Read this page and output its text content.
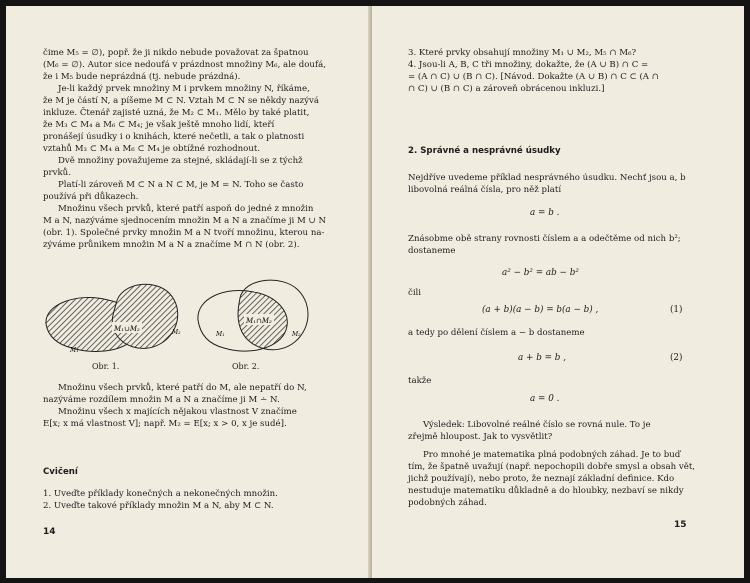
čime M₅ = ∅), popř. že ji nikdo nebude považovat za špatnou
(M₆ = ∅). Autor sice nedoufá v prázdnost množiny M₆, ale doufá,
že i M₅ bude neprázdná (tj. nebude prázdná).
Je-li každý prvek množiny M i prvkem množiny N, říkáme,
že M je částí N, a píšeme M ⊂ N. Vztah M ⊂ N se někdy nazývá
inkluze. Čtenář zajisté uzná, že M₂ ⊂ M₁. Mělo by také platit,
že M₃ ⊂ M₄ a M₆ ⊂ M₄; je však ještě mnoho lidí, kteří
pronášejí úsudky i o knihách, které nečetli, a tak o platnosti
vztahů M₃ ⊂ M₄ a M₆ ⊂ M₄ je obtížné rozhodnout.
Dvě množiny považujeme za stejné, skládají-li se z týchž
prvků.
Platí-li zároveň M ⊂ N a N ⊂ M, je M = N. Toho se často
používá při důkazech.
Množinu všech prvků, které patří aspoň do jedné z množin
M a N, nazýváme sjednocením množin M a N a značíme ji M ∪ N
(obr. 1). Společné prvky množin M a N tvoří množinu, kterou na-
zýváme průnikem množin M a N a značíme M ∩ N (obr. 2).
M₁∪M₂
M₁
M₂
Obr. 1.
M₁∩M₂
M₁	M₂
Obr. 2.
Množinu všech prvků, které patří do M, ale nepatří do N,
nazýváme rozdílem množin M a N a značíme ji M ∸ N.
Množinu všech x majících nějakou vlastnost V značíme
E[x; x má vlastnost V]; např. M₂ = E[x; x > 0, x je sudé].
Cvičení
1. Uveďte příklady konečných a nekonečných množin.
2. Uveďte takové příklady množin M a N, aby M ⊂ N.
14
3. Které prvky obsahují množiny M₁ ∪ M₂, M₅ ∩ M₆?
4. Jsou-li A, B, C tři množiny, dokažte, že (A ∪ B) ∩ C =
= (A ∩ C) ∪ (B ∩ C). [Návod. Dokažte (A ∪ B) ∩ C ⊂ (A ∩
∩ C) ∪ (B ∩ C) a zároveň obrácenou inkluzi.]
2. Správné a nesprávné úsudky
Nejdříve uvedeme příklad nesprávného úsudku. Nechť jsou a, b
libovolná reálná čísla, pro něž platí
a = b .
Znásobme obě strany rovnosti číslem a a odečtěme od nich b²;
dostaneme
a² − b² = ab − b²
čili
(a + b)(a − b) = b(a − b) ,	(1)
a tedy po dělení číslem a − b dostaneme
a + b = b ,	(2)
takže
a = 0 .
Výsledek: Libovolné reálné číslo se rovná nule. To je
zřejmě hloupost. Jak to vysvětlit?
Pro mnohé je matematika plná podobných záhad. Je to buď
tím, že špatně uvažují (např. nepochopili dobře smysl a obsah vět,
jichž používají), nebo proto, že neznají základní definice. Kdo
nestuduje matematiku důkladně a do hloubky, nezbaví se nikdy
podobných záhad.
15
